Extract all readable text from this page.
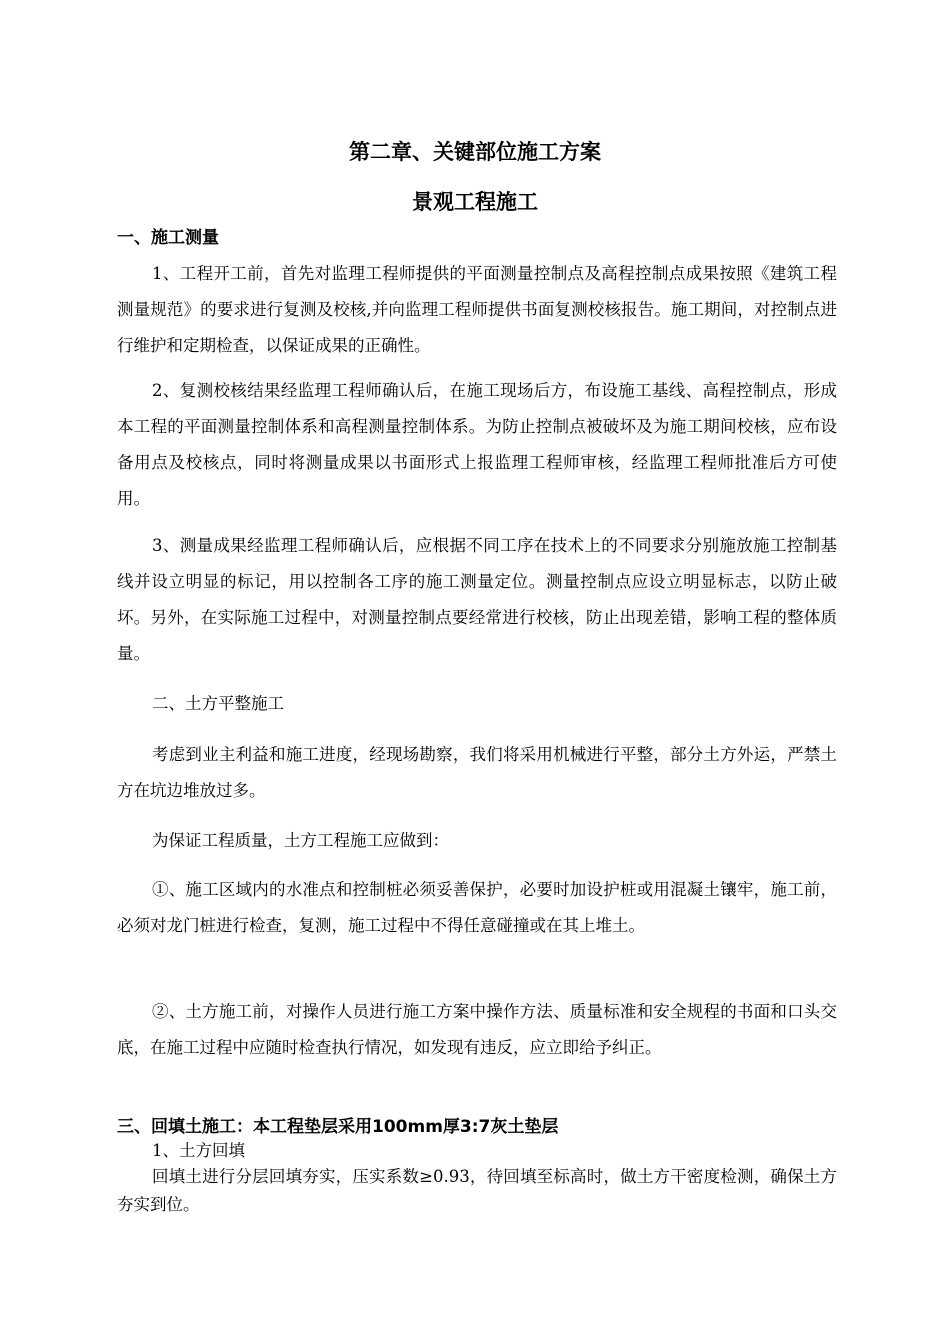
第二章、关键部位施工方案
景观工程施工
一、施工测量
1、工程开工前，首先对监理工程师提供的平面测量控制点及高程控制点成果按照《建筑工程测量规范》的要求进行复测及校核,并向监理工程师提供书面复测校核报告。施工期间，对控制点进行维护和定期检查，以保证成果的正确性。
2、复测校核结果经监理工程师确认后，在施工现场后方，布设施工基线、高程控制点，形成本工程的平面测量控制体系和高程测量控制体系。为防止控制点被破坏及为施工期间校核，应布设备用点及校核点，同时将测量成果以书面形式上报监理工程师审核，经监理工程师批准后方可使用。
3、测量成果经监理工程师确认后，应根据不同工序在技术上的不同要求分别施放施工控制基线并设立明显的标记，用以控制各工序的施工测量定位。测量控制点应设立明显标志，以防止破坏。另外，在实际施工过程中，对测量控制点要经常进行校核，防止出现差错，影响工程的整体质量。
二、土方平整施工
考虑到业主利益和施工进度，经现场勘察，我们将采用机械进行平整，部分土方外运，严禁土方在坑边堆放过多。
为保证工程质量，土方工程施工应做到：
①、施工区域内的水准点和控制桩必须妥善保护，必要时加设护桩或用混凝土镶牢，施工前，必须对龙门桩进行检查，复测，施工过程中不得任意碰撞或在其上堆土。
②、土方施工前，对操作人员进行施工方案中操作方法、质量标准和安全规程的书面和口头交底，在施工过程中应随时检查执行情况，如发现有违反，应立即给予纠正。
三、回填土施工：本工程垫层采用100mm厚3:7灰土垫层
1、土方回填
回填土进行分层回填夯实，压实系数≥0.93，待回填至标高时，做土方干密度检测，确保土方夯实到位。
